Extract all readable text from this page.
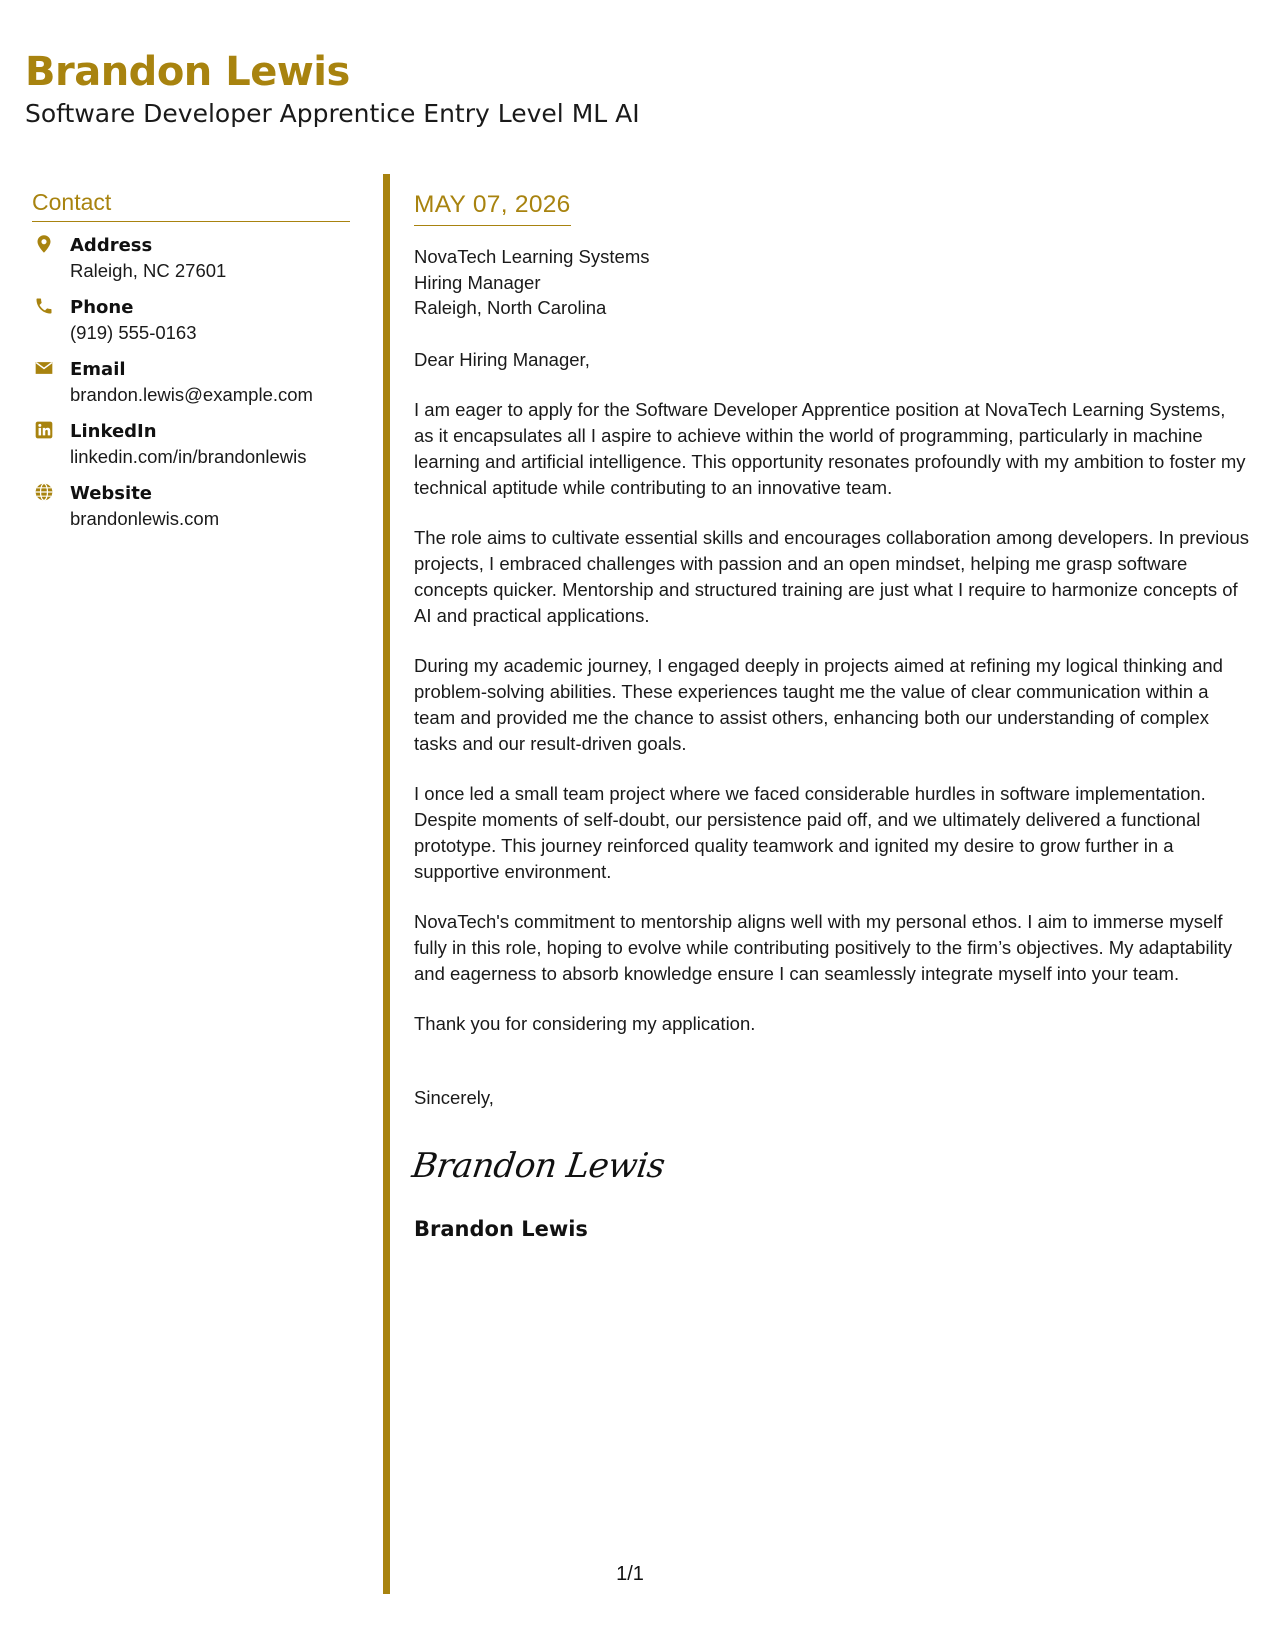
Brandon Lewis
Software Developer Apprentice Entry Level ML AI
Contact
Address
Raleigh, NC 27601
Phone
(919) 555-0163
Email
brandon.lewis@example.com
LinkedIn
linkedin.com/in/brandonlewis
Website
brandonlewis.com
MAY 07, 2026
NovaTech Learning Systems
Hiring Manager
Raleigh, North Carolina
Dear Hiring Manager,
I am eager to apply for the Software Developer Apprentice position at NovaTech Learning Systems, as it encapsulates all I aspire to achieve within the world of programming, particularly in machine learning and artificial intelligence. This opportunity resonates profoundly with my ambition to foster my technical aptitude while contributing to an innovative team.
The role aims to cultivate essential skills and encourages collaboration among developers. In previous projects, I embraced challenges with passion and an open mindset, helping me grasp software concepts quicker. Mentorship and structured training are just what I require to harmonize concepts of AI and practical applications.
During my academic journey, I engaged deeply in projects aimed at refining my logical thinking and problem-solving abilities. These experiences taught me the value of clear communication within a team and provided me the chance to assist others, enhancing both our understanding of complex tasks and our result-driven goals.
I once led a small team project where we faced considerable hurdles in software implementation. Despite moments of self-doubt, our persistence paid off, and we ultimately delivered a functional prototype. This journey reinforced quality teamwork and ignited my desire to grow further in a supportive environment.
NovaTech's commitment to mentorship aligns well with my personal ethos. I aim to immerse myself fully in this role, hoping to evolve while contributing positively to the firm’s objectives. My adaptability and eagerness to absorb knowledge ensure I can seamlessly integrate myself into your team.
Thank you for considering my application.
Sincerely,
Brandon Lewis
Brandon Lewis
1/1
